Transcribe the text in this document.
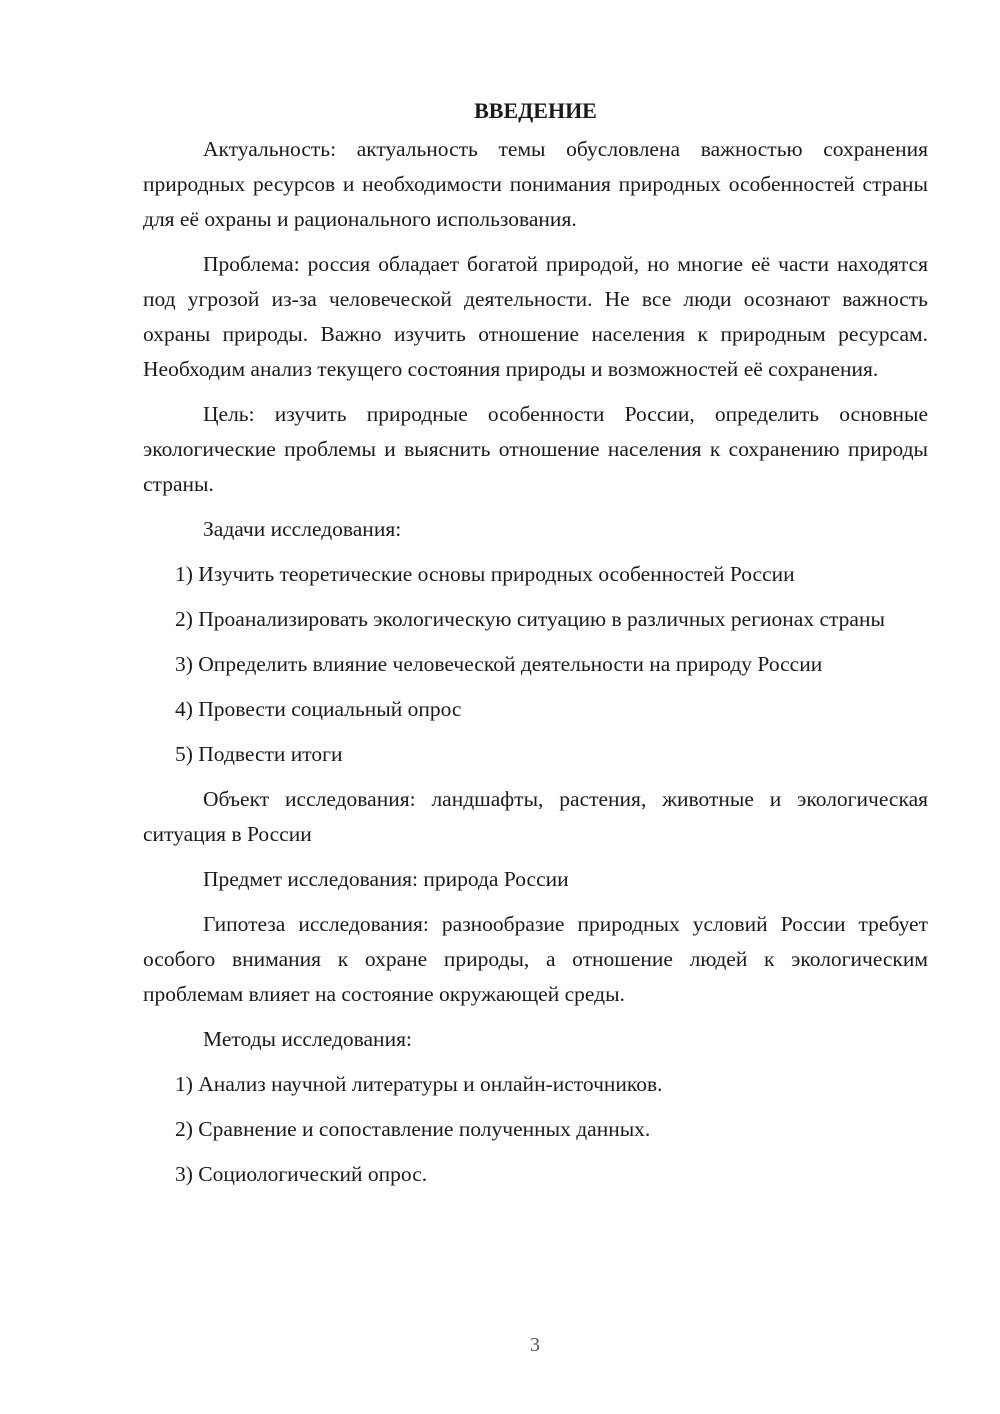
ВВЕДЕНИЕ

Актуальность: актуальность темы обусловлена важностью сохранения природных ресурсов и необходимости понимания природных особенностей страны для её охраны и рационального использования.

Проблема: россия обладает богатой природой, но многие её части находятся под угрозой из-за человеческой деятельности. Не все люди осознают важность охраны природы. Важно изучить отношение населения к природным ресурсам. Необходим анализ текущего состояния природы и возможностей её сохранения.

Цель: изучить природные особенности России, определить основные экологические проблемы и выяснить отношение населения к сохранению природы страны.

Задачи исследования:

1) Изучить теоретические основы природных особенностей России

2) Проанализировать экологическую ситуацию в различных регионах страны

3) Определить влияние человеческой деятельности на природу России

4) Провести социальный опрос

5) Подвести итоги

Объект исследования: ландшафты, растения, животные и экологическая ситуация в России

Предмет исследования: природа России

Гипотеза исследования: разнообразие природных условий России требует особого внимания к охране природы, а отношение людей к экологическим проблемам влияет на состояние окружающей среды.

Методы исследования:

1) Анализ научной литературы и онлайн-источников.

2) Сравнение и сопоставление полученных данных.

3) Социологический опрос.

3
